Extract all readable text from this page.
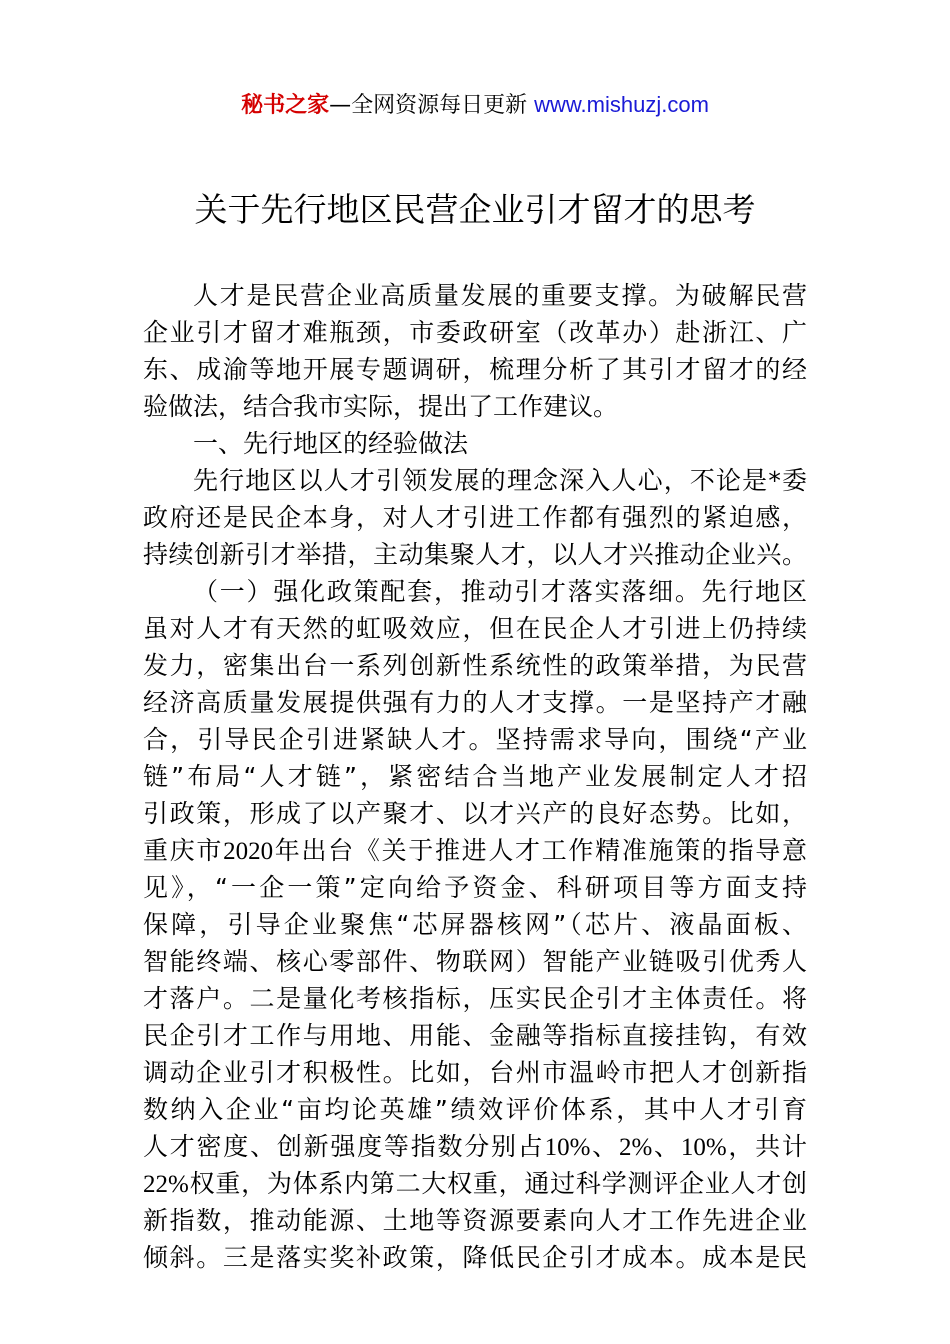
秘书之家—全网资源每日更新 www.mishuzj.com
关于先行地区民营企业引才留才的思考
人才是民营企业高质量发展的重要支撑。为破解民营
企业引才留才难瓶颈，市委政研室（改革办）赴浙江、广
东、成渝等地开展专题调研，梳理分析了其引才留才的经
验做法，结合我市实际，提出了工作建议。
一、先行地区的经验做法
先行地区以人才引领发展的理念深入人心，不论是*委
政府还是民企本身，对人才引进工作都有强烈的紧迫感，
持续创新引才举措，主动集聚人才，以人才兴推动企业兴。
（一）强化政策配套，推动引才落实落细。先行地区
虽对人才有天然的虹吸效应，但在民企人才引进上仍持续
发力，密集出台一系列创新性系统性的政策举措，为民营
经济高质量发展提供强有力的人才支撑。一是坚持产才融
合，引导民企引进紧缺人才。坚持需求导向，围绕“产业
链”布局“人才链”，紧密结合当地产业发展制定人才招
引政策，形成了以产聚才、以才兴产的良好态势。比如，
重庆市2020年出台《关于推进人才工作精准施策的指导意
见》，“一企一策”定向给予资金、科研项目等方面支持
保障，引导企业聚焦“芯屏器核网”（芯片、液晶面板、
智能终端、核心零部件、物联网）智能产业链吸引优秀人
才落户。二是量化考核指标，压实民企引才主体责任。将
民企引才工作与用地、用能、金融等指标直接挂钩，有效
调动企业引才积极性。比如，台州市温岭市把人才创新指
数纳入企业“亩均论英雄”绩效评价体系，其中人才引育
人才密度、创新强度等指数分别占10%、2%、10%，共计
22%权重，为体系内第二大权重，通过科学测评企业人才创
新指数，推动能源、土地等资源要素向人才工作先进企业
倾斜。三是落实奖补政策，降低民企引才成本。成本是民
